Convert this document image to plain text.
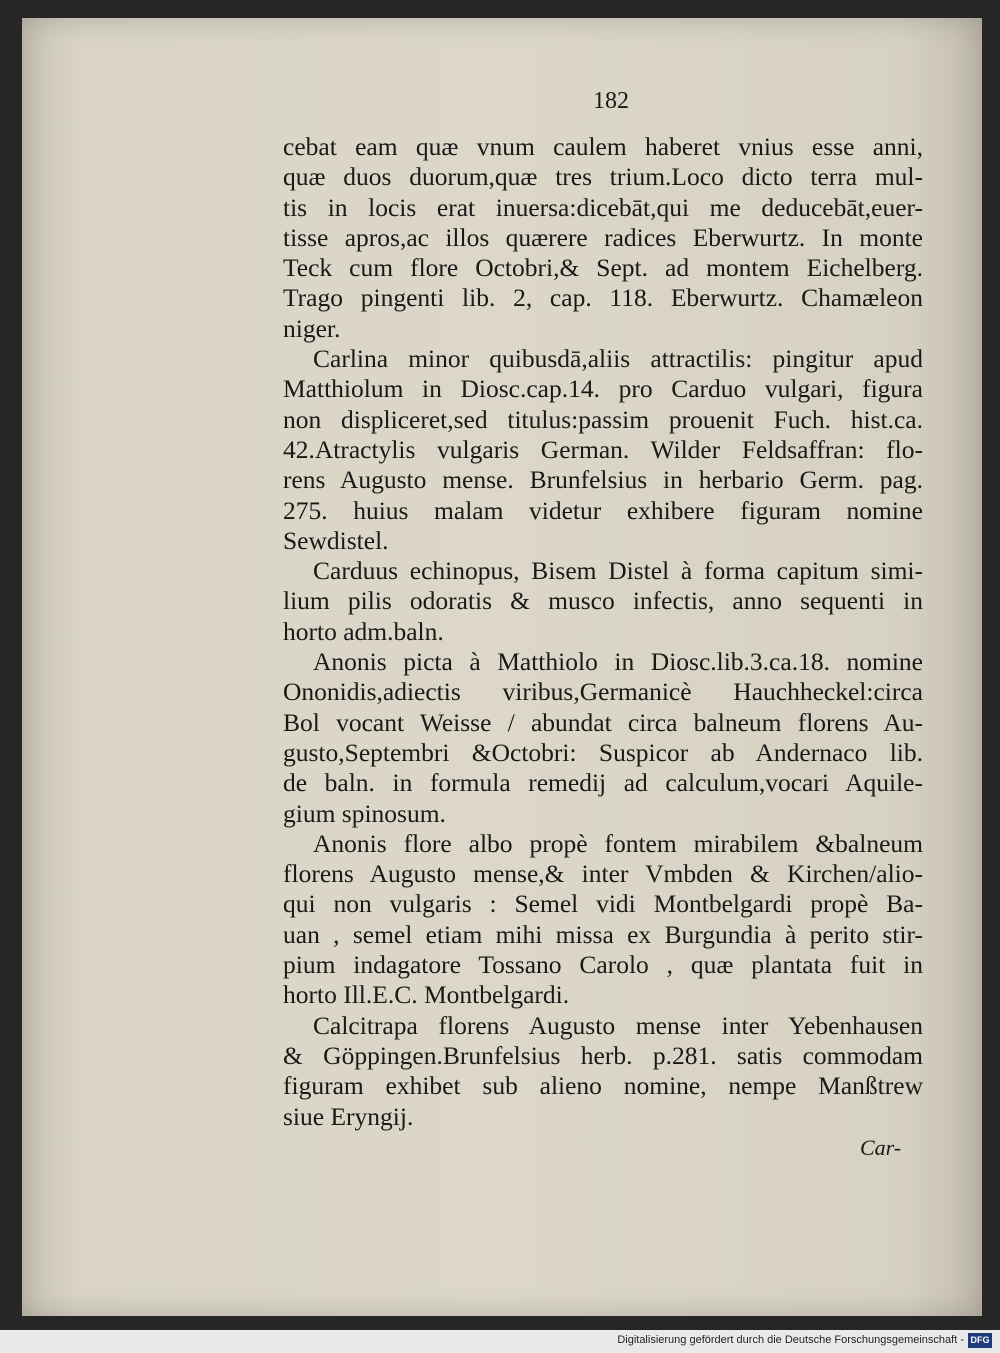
182
cebat eam quæ vnum caulem haberet vnius esse anni,
quæ duos duorum,quæ tres trium.Loco dicto terra mul-
tis in locis erat inuersa:dicebāt,qui me deducebāt,euer-
tisse apros,ac illos quærere radices Eberwurtz. In monte
Teck cum flore Octobri,& Sept. ad montem Eichelberg.
Trago pingenti lib. 2, cap. 118. Eberwurtz. Chamæleon
niger.
Carlina minor quibusdā,aliis attractilis: pingitur apud
Matthiolum in Diosc.cap.14. pro Carduo vulgari, figura
non displiceret,sed titulus:passim prouenit Fuch. hist.ca.
42.Atractylis vulgaris German. Wilder Feldsaffran: flo-
rens Augusto mense. Brunfelsius in herbario Germ. pag.
275. huius malam videtur exhibere figuram nomine
Sewdistel.
Carduus echinopus, Bisem Distel à forma capitum simi-
lium pilis odoratis & musco infectis, anno sequenti in
horto adm.baln.
Anonis picta à Matthiolo in Diosc.lib.3.ca.18. nomine
Ononidis,adiectis viribus,Germanicè Hauchheckel:circa
Bol vocant Weisse / abundat circa balneum florens Au-
gusto,Septembri &Octobri: Suspicor ab Andernaco lib.
de baln. in formula remedij ad calculum,vocari Aquile-
gium spinosum.
Anonis flore albo propè fontem mirabilem &balneum
florens Augusto mense,& inter Vmbden & Kirchen/alio-
qui non vulgaris : Semel vidi Montbelgardi propè Ba-
uan , semel etiam mihi missa ex Burgundia à perito stir-
pium indagatore Tossano Carolo , quæ plantata fuit in
horto Ill.E.C. Montbelgardi.
Calcitrapa florens Augusto mense inter Yebenhausen
& Göppingen.Brunfelsius herb. p.281. satis commodam
figuram exhibet sub alieno nomine, nempe Manßtrew
siue Eryngij.
Car-
Digitalisierung gefördert durch die Deutsche Forschungsgemeinschaft - DFG
